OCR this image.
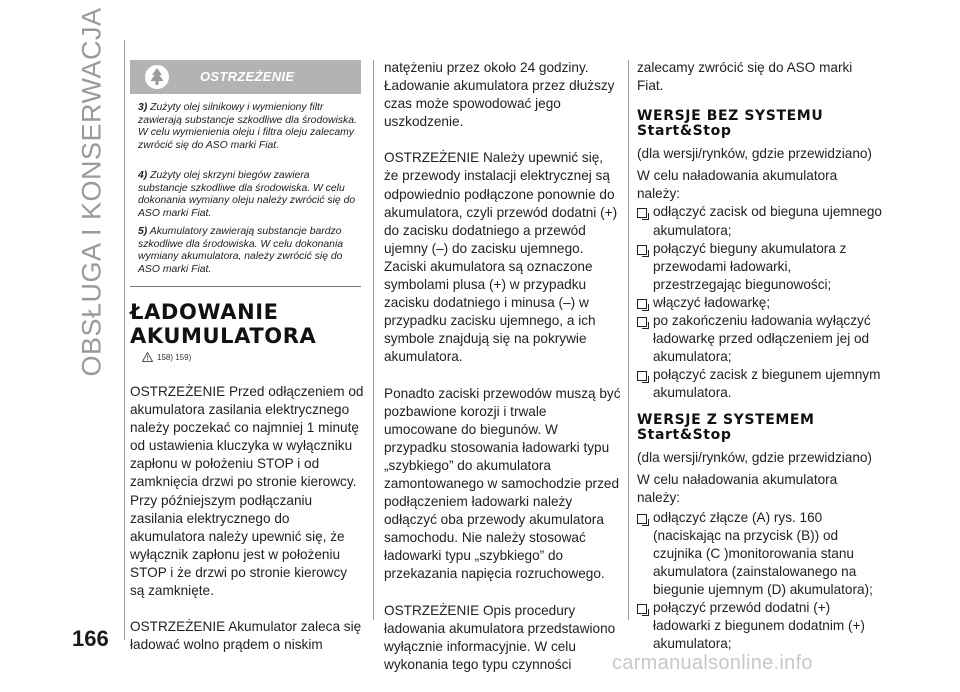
OBSŁUGA I KONSERWACJA
166
OSTRZEŻENIE
3) Zużyty olej silnikowy i wymieniony filtr zawierają substancje szkodliwe dla środowiska. W celu wymienienia oleju i filtra oleju zalecamy zwrócić się do ASO marki Fiat.
4) Zużyty olej skrzyni biegów zawiera substancje szkodliwe dla środowiska. W celu dokonania wymiany oleju należy zwrócić się do ASO marki Fiat.
5) Akumulatory zawierają substancje bardzo szkodliwe dla środowiska. W celu dokonania wymiany akumulatora, należy zwrócić się do ASO marki Fiat.
ŁADOWANIE
AKUMULATORA
158) 159)

OSTRZEŻENIE Przed odłączeniem od akumulatora zasilania elektrycznego należy poczekać co najmniej 1 minutę od ustawienia kluczyka w wyłączniku zapłonu w położeniu STOP i od zamknięcia drzwi po stronie kierowcy. Przy późniejszym podłączaniu zasilania elektrycznego do akumulatora należy upewnić się, że wyłącznik zapłonu jest w położeniu STOP i że drzwi po stronie kierowcy są zamknięte.

OSTRZEŻENIE Akumulator zaleca się ładować wolno prądem o niskim

natężeniu przez około 24 godziny. Ładowanie akumulatora przez dłuższy czas może spowodować jego uszkodzenie.

OSTRZEŻENIE Należy upewnić się, że przewody instalacji elektrycznej są odpowiednio podłączone ponownie do akumulatora, czyli przewód dodatni (+) do zacisku dodatniego a przewód ujemny (–) do zacisku ujemnego. Zaciski akumulatora są oznaczone symbolami plusa (+) w przypadku zacisku dodatniego i minusa (–) w przypadku zacisku ujemnego, a ich symbole znajdują się na pokrywie akumulatora.

Ponadto zaciski przewodów muszą być pozbawione korozji i trwale umocowane do biegunów. W przypadku stosowania ładowarki typu „szybkiego” do akumulatora zamontowanego w samochodzie przed podłączeniem ładowarki należy odłączyć oba przewody akumulatora samochodu. Nie należy stosować ładowarki typu „szybkiego” do przekazania napięcia rozruchowego.

OSTRZEŻENIE Opis procedury ładowania akumulatora przedstawiono wyłącznie informacyjnie. W celu wykonania tego typu czynności

zalecamy zwrócić się do ASO marki Fiat.

WERSJE BEZ SYSTEMU
Start&Stop
(dla wersji/rynków, gdzie przewidziano)
W celu naładowania akumulatora należy:
odłączyć zacisk od bieguna ujemnego akumulatora;
połączyć bieguny akumulatora z przewodami ładowarki, przestrzegając biegunowości;
włączyć ładowarkę;
po zakończeniu ładowania wyłączyć ładowarkę przed odłączeniem jej od akumulatora;
połączyć zacisk z biegunem ujemnym akumulatora.
WERSJE Z SYSTEMEM
Start&Stop
(dla wersji/rynków, gdzie przewidziano)
W celu naładowania akumulatora należy:
odłączyć złącze (A) rys. 160 (naciskając na przycisk (B)) od czujnika (C )monitorowania stanu akumulatora (zainstalowanego na biegunie ujemnym (D) akumulatora);
połączyć przewód dodatni (+) ładowarki z biegunem dodatnim (+) akumulatora;
carmanualsonline.info
